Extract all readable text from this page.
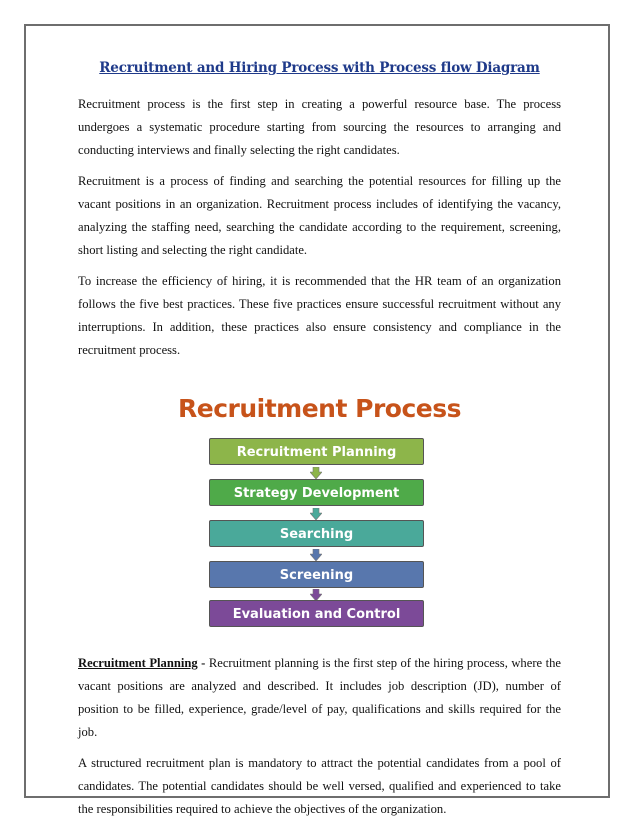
Recruitment and Hiring Process with Process flow Diagram

Recruitment process is the first step in creating a powerful resource base. The process undergoes a systematic procedure starting from sourcing the resources to arranging and conducting interviews and finally selecting the right candidates.

Recruitment is a process of finding and searching the potential resources for filling up the vacant positions in an organization. Recruitment process includes of identifying the vacancy, analyzing the staffing need, searching the candidate according to the requirement, screening, short listing and selecting the right candidate.

To increase the efficiency of hiring, it is recommended that the HR team of an organization follows the five best practices. These five practices ensure successful recruitment without any interruptions. In addition, these practices also ensure consistency and compliance in the recruitment process.

Recruitment Process
Recruitment Planning
Strategy Development
Searching
Screening
Evaluation and Control

Recruitment Planning - Recruitment planning is the first step of the hiring process, where the vacant positions are analyzed and described. It includes job description (JD), number of position to be filled, experience, grade/level of pay, qualifications and skills required for the job.

A structured recruitment plan is mandatory to attract the potential candidates from a pool of candidates. The potential candidates should be well versed, qualified and experienced to take the responsibilities required to achieve the objectives of the organization.
